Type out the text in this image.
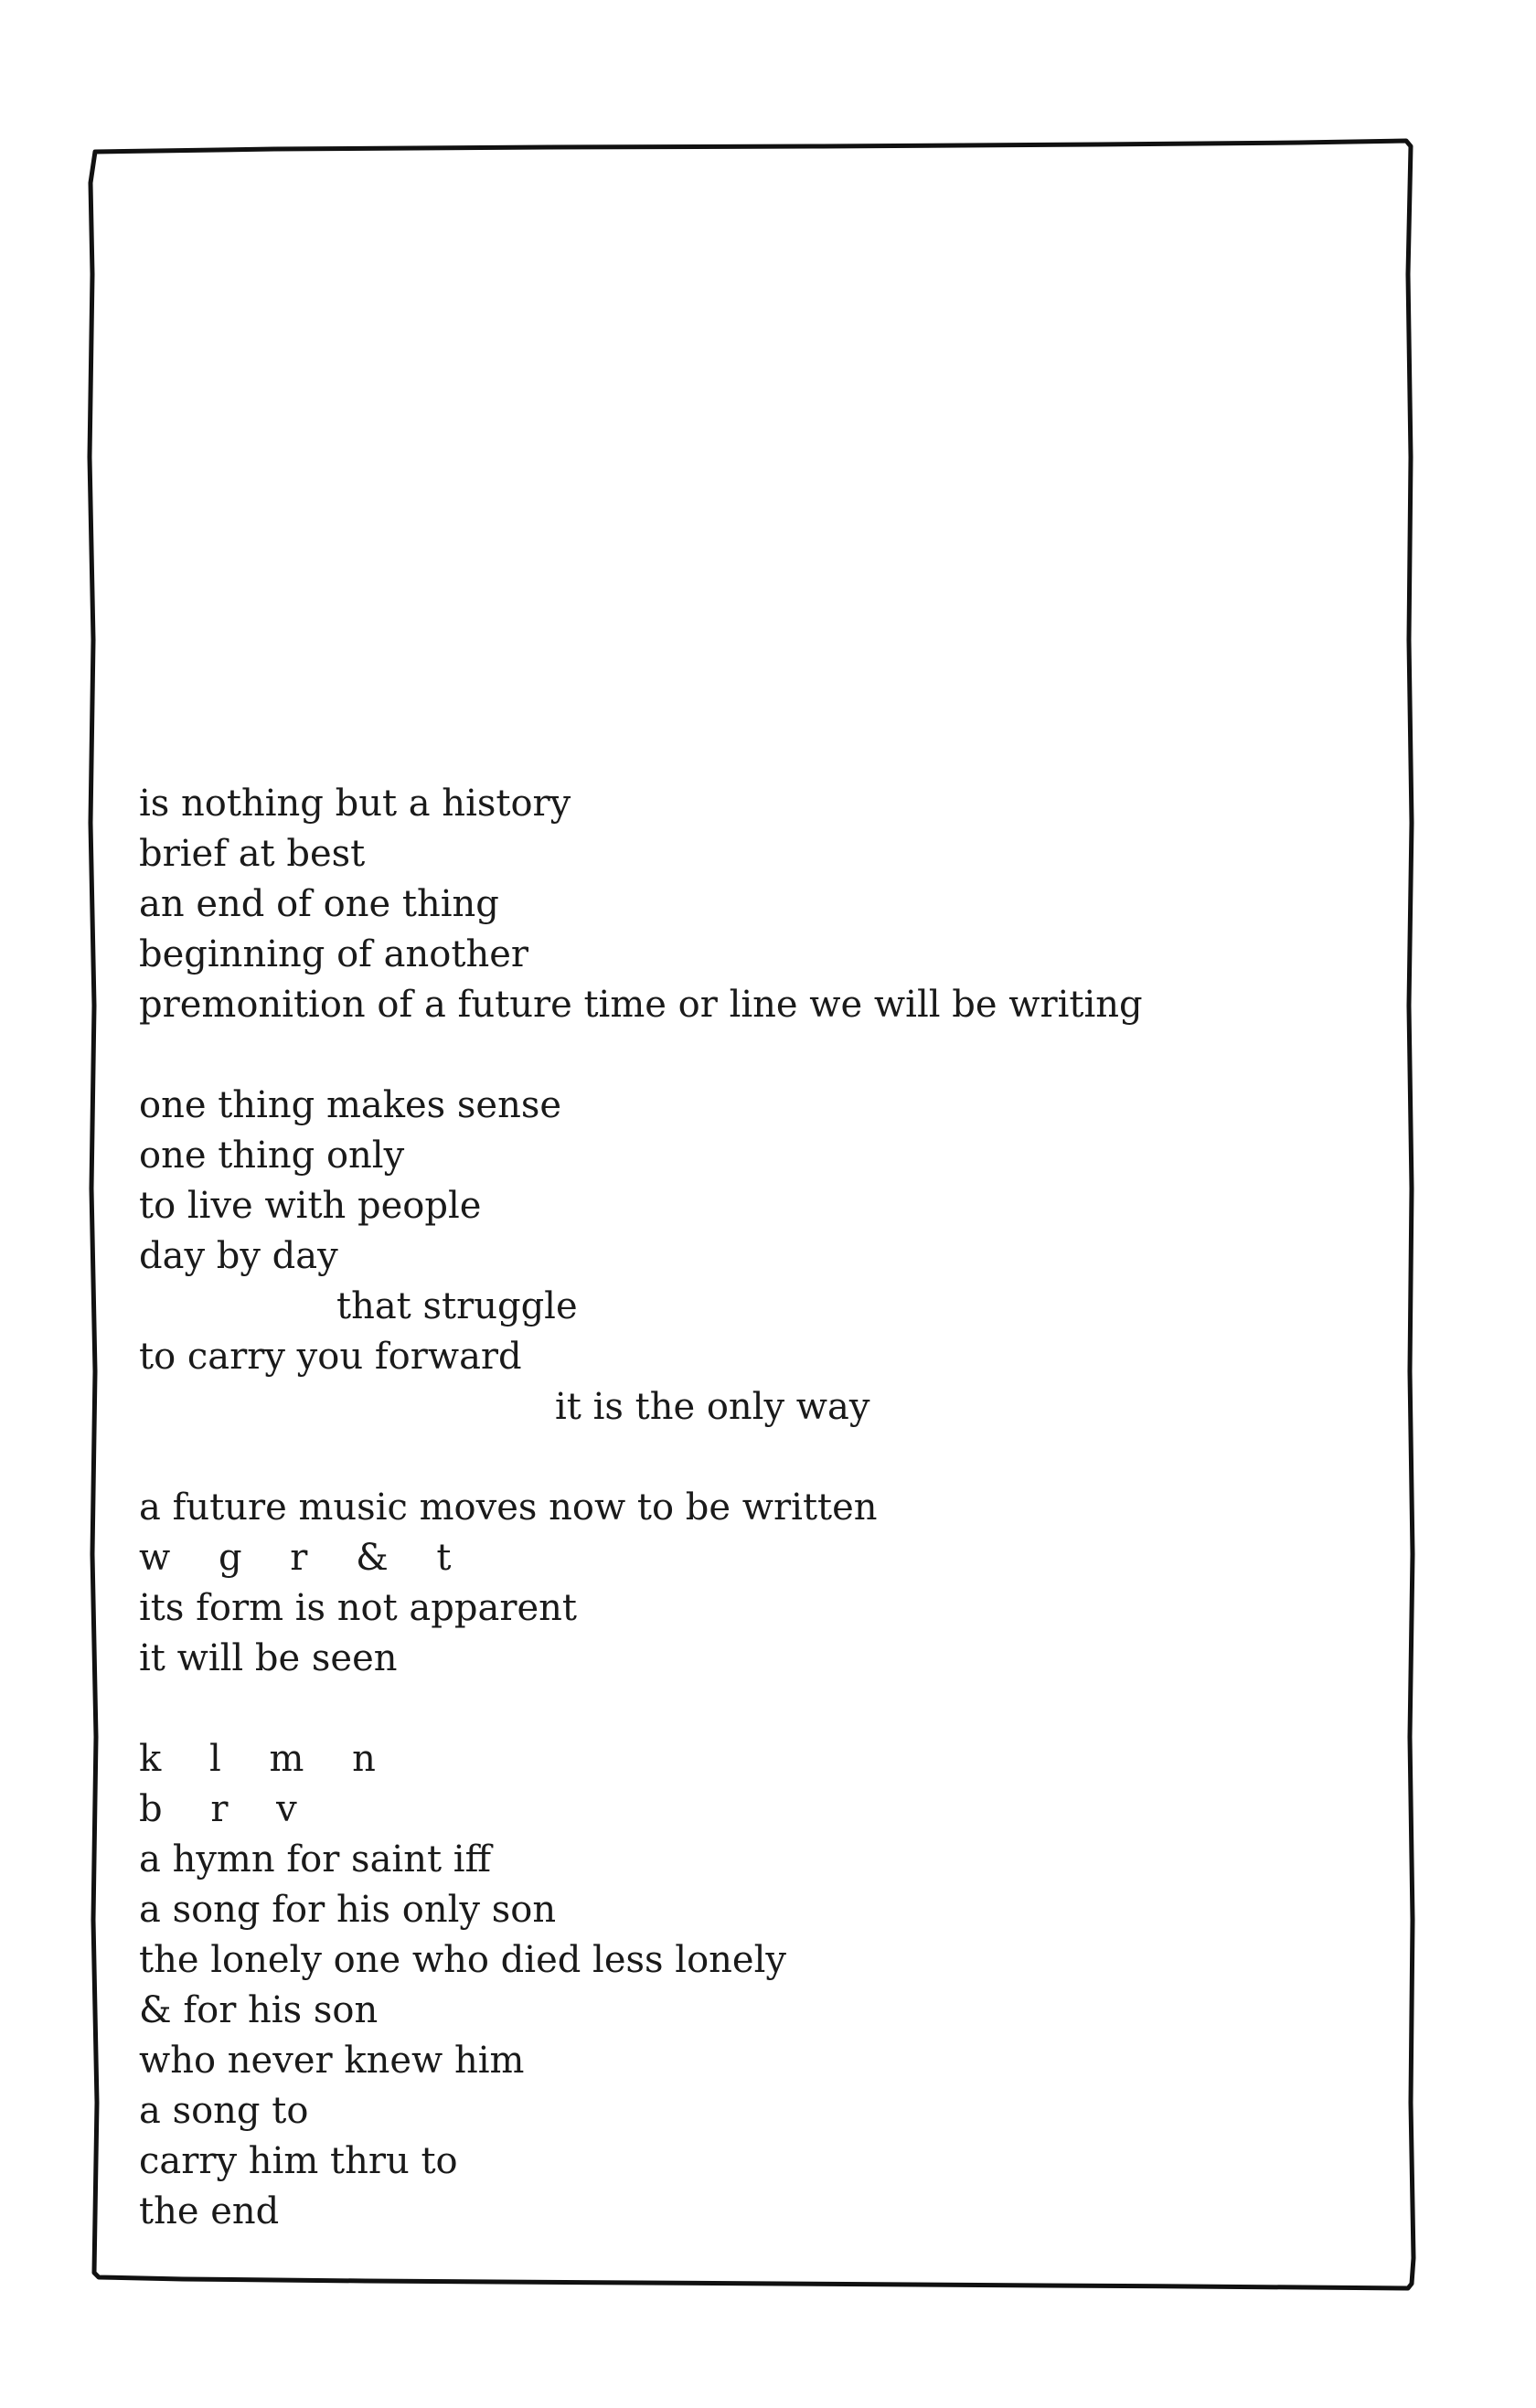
is nothing but a history
brief at best
an end of one thing
beginning of another
premonition of a future time or line we will be writing
one thing makes sense
one thing only
to live with people
day by day
that struggle
to carry you forward
it is the only way
a future music moves now to be written
w g r & t
its form is not apparent
it will be seen
k l m n
b r v
a hymn for saint iff
a song for his only son
the lonely one who died less lonely
& for his son
who never knew him
a song to
carry him thru to
the end
